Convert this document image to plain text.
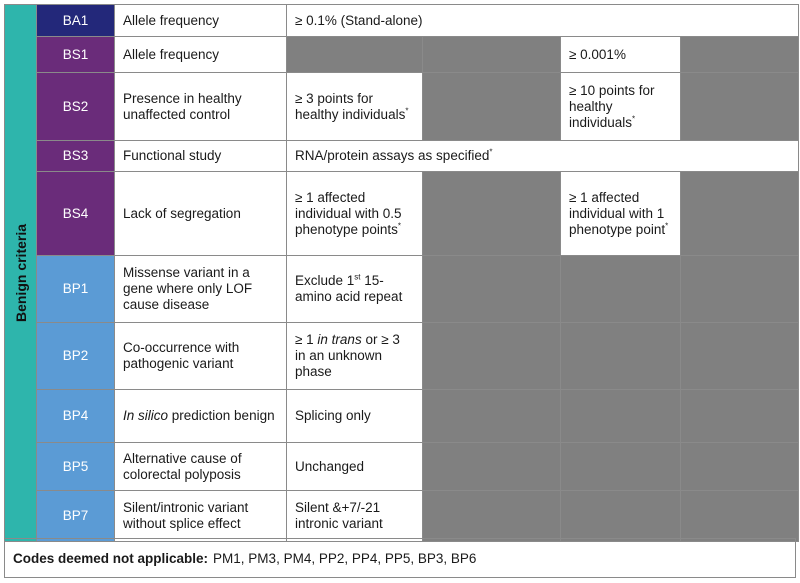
Benign criteria	BA1	Allele frequency	≥ 0.1% (Stand-alone)			
	BS1	Allele frequency			≥ 0.001%	
	BS2	Presence in healthy unaffected control	≥ 3 points for healthy individuals*		≥ 10 points for healthy individuals*	
	BS3	Functional study	RNA/protein assays as specified*
	BS4	Lack of segregation	≥ 1 affected individual with 0.5 phenotype points*		≥ 1 affected individual with 1 phenotype point*	
	BP1	Missense variant in a gene where only LOF cause disease	Exclude 1st 15-amino acid repeat			
	BP2	Co-occurrence with pathogenic variant	≥ 1 in trans or ≥ 3 in an unknown phase			
	BP4	In silico prediction benign	Splicing only			
	BP5	Alternative cause of colorectal polyposis	Unchanged			
	BP7	Silent/intronic variant without splice effect	Silent &+7/-21 intronic variant			
Codes deemed not applicable: PM1, PM3, PM4, PP2, PP4, PP5, BP3, BP6
